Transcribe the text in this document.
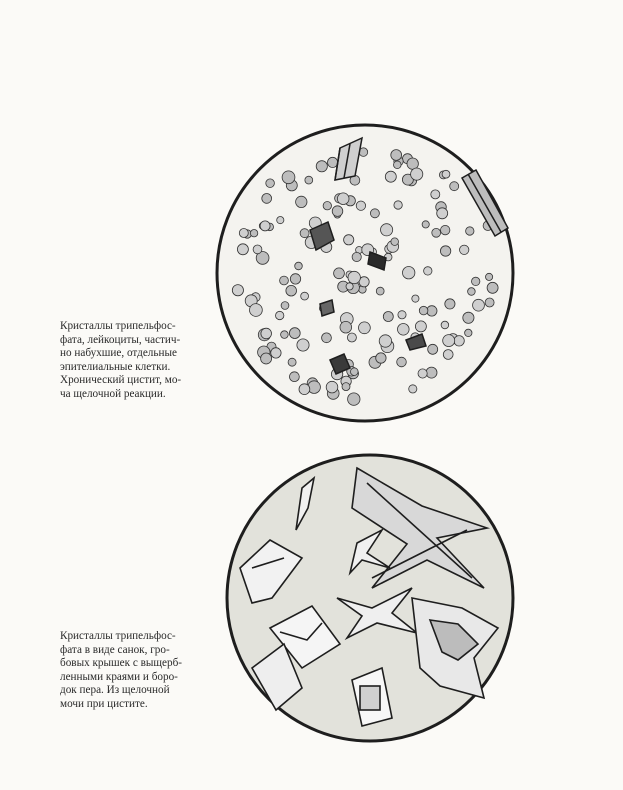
Кристаллы трипельфос-
фата, лейкоциты, частич-
но набухшие, отдельные
эпителиальные клетки.
Хронический цистит, мо-
ча щелочной реакции.

Кристаллы трипельфос-
фата в виде санок, гро-
бовых крышек с выщерб-
ленными краями и боро-
док пера. Из щелочной
мочи при цистите.
